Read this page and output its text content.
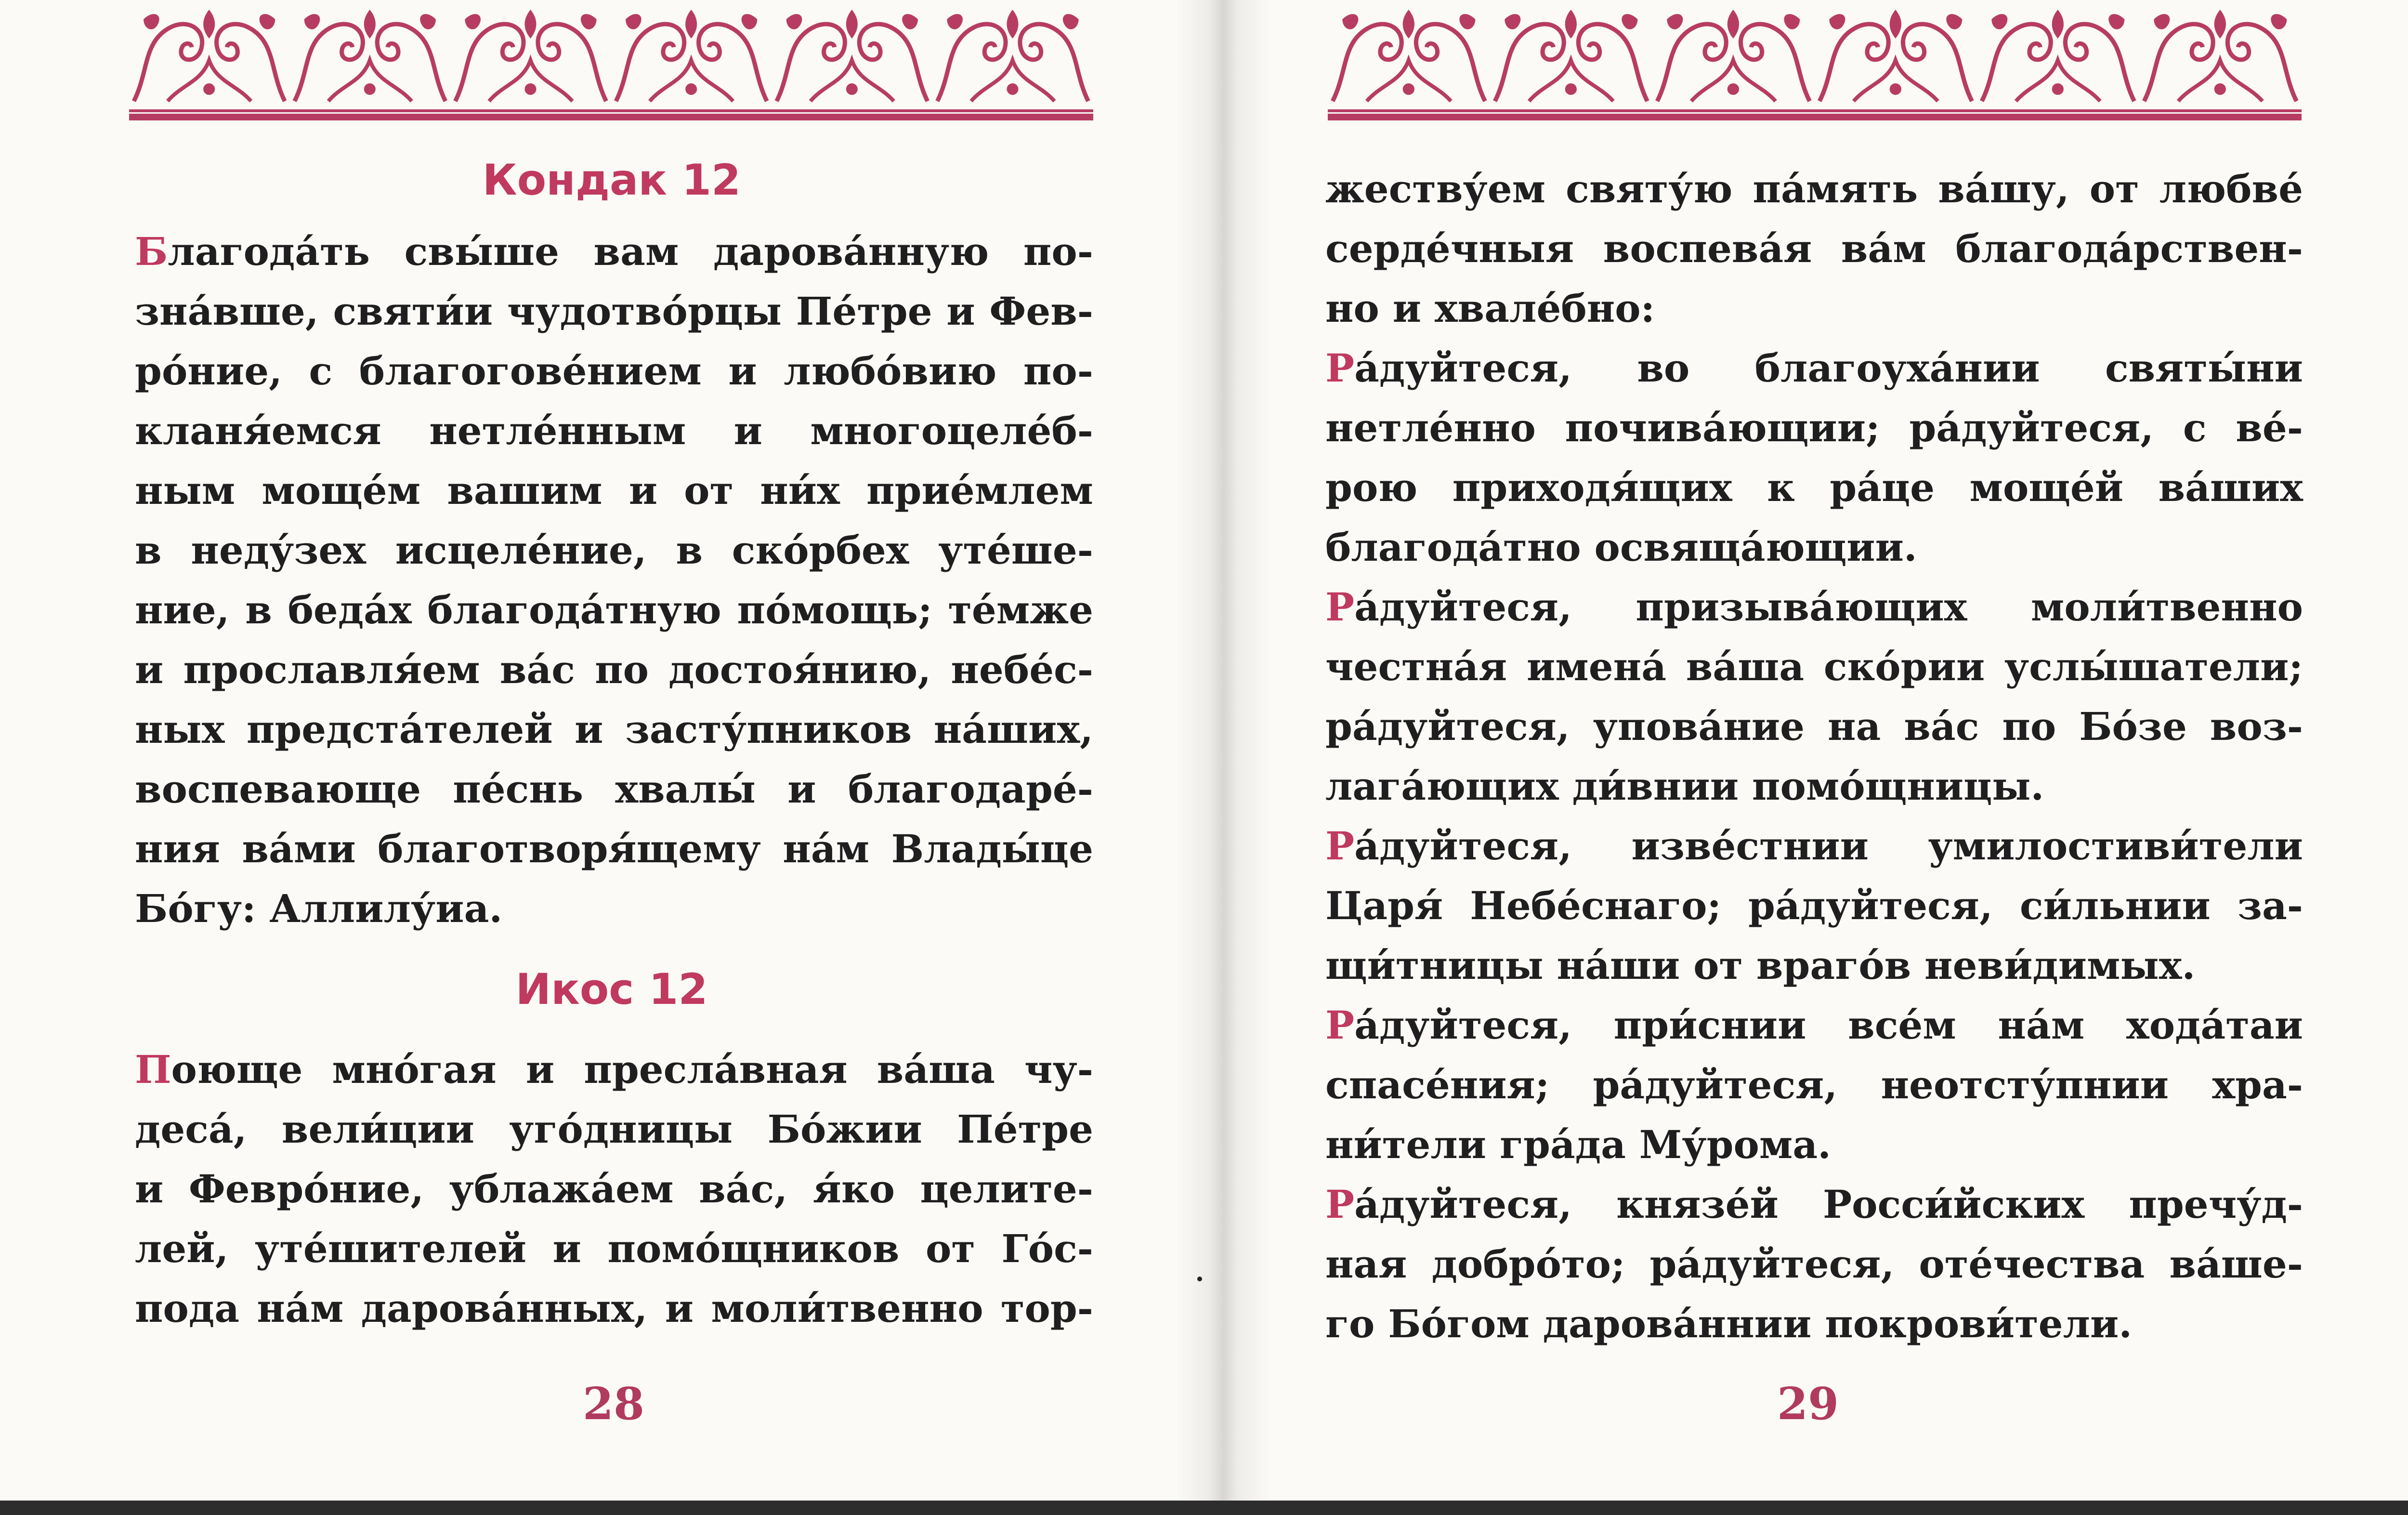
Кондак 12
Благода́ть свы́ше вам дарова́нную по-
зна́вше, святи́и чудотво́рцы Пе́тре и Фев-
ро́ние, с благогове́нием и любо́вию по-
кланя́емся нетле́нным и многоцеле́б-
ным моще́м вашим и от ни́х прие́млем
в неду́зех исцеле́ние, в ско́рбех уте́ше-
ние, в беда́х благода́тную по́мощь; те́мже
и прославля́ем ва́с по достоя́нию, небе́с-
ных предста́телей и засту́пников на́ших,
воспевающе пе́снь хвалы́ и благодаре́-
ния ва́ми благотворя́щему на́м Влады́це
Бо́гу: Аллилу́иа.
Икос 12
Поюще мно́гая и пресла́вная ва́ша чу-
деса́, вели́ции уго́дницы Бо́жии Пе́тре
и Февро́ние, ублажа́ем ва́с, я́ко целите-
лей, уте́шителей и помо́щников от Го́с-
пода на́м дарова́нных, и моли́твенно тор-
28
жеству́ем святу́ю па́мять ва́шу, от любве́
серде́чныя воспева́я ва́м благода́рствен-
но и хвале́бно:
Ра́дуйтеся, во благоуха́нии святы́ни
нетле́нно почива́ющии; ра́дуйтеся, с ве́-
рою приходя́щих к ра́це моще́й ва́ших
благода́тно освяща́ющии.
Ра́дуйтеся, призыва́ющих моли́твенно
честна́я имена́ ва́ша ско́рии услы́шатели;
ра́дуйтеся, упова́ние на ва́с по Бо́зе воз-
лага́ющих ди́внии помо́щницы.
Ра́дуйтеся, изве́стнии умилостиви́тели
Царя́ Небе́снаго; ра́дуйтеся, си́льнии за-
щи́тницы на́ши от враго́в неви́димых.
Ра́дуйтеся, при́снии все́м на́м хода́таи
спасе́ния; ра́дуйтеся, неотсту́пнии хра-
ни́тели гра́да Му́рома.
Ра́дуйтеся, князе́й Росси́йских пречу́д-
ная добро́то; ра́дуйтеся, оте́чества ва́ше-
го Бо́гом дарова́ннии покрови́тели.
29
